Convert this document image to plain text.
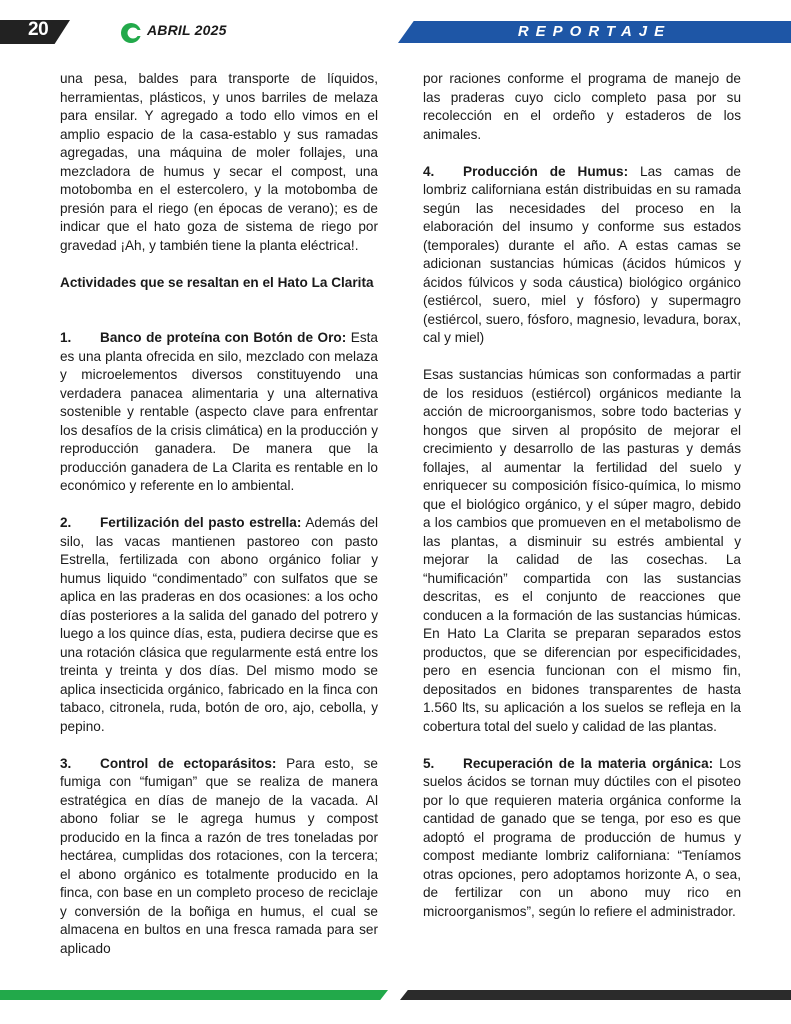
20	ABRIL 2025	REPORTAJE

una pesa, baldes para transporte de líquidos, herramientas, plásticos, y unos barriles de melaza para ensilar. Y agregado a todo ello vimos en el amplio espacio de la casa-establo y sus ramadas agregadas, una máquina de moler follajes, una mezcladora de humus y secar el compost, una motobomba en el estercolero, y la motobomba de presión para el riego (en épocas de verano); es de indicar que el hato goza de sistema de riego por gravedad ¡Ah, y también tiene la planta eléctrica!.

Actividades que se resaltan en el Hato La Clarita

1. Banco de proteína con Botón de Oro: Esta es una planta ofrecida en silo, mezclado con melaza y microelementos diversos constituyendo una verdadera panacea alimentaria y una alternativa sostenible y rentable (aspecto clave para enfrentar los desafíos de la crisis climática) en la producción y reproducción ganadera. De manera que la producción ganadera de La Clarita es rentable en lo económico y referente en lo ambiental.

2. Fertilización del pasto estrella: Además del silo, las vacas mantienen pastoreo con pasto Estrella, fertilizada con abono orgánico foliar y humus liquido “condimentado” con sulfatos que se aplica en las praderas en dos ocasiones: a los ocho días posteriores a la salida del ganado del potrero y luego a los quince días, esta, pudiera decirse que es una rotación clásica que regularmente está entre los treinta y treinta y dos días. Del mismo modo se aplica insecticida orgánico, fabricado en la finca con tabaco, citronela, ruda, botón de oro, ajo, cebolla, y pepino.

3. Control de ectoparásitos: Para esto, se fumiga con “fumigan” que se realiza de manera estratégica en días de manejo de la vacada. Al abono foliar se le agrega humus y compost producido en la finca a razón de tres toneladas por hectárea, cumplidas dos rotaciones, con la tercera; el abono orgánico es totalmente producido en la finca, con base en un completo proceso de reciclaje y conversión de la boñiga en humus, el cual se almacena en bultos en una fresca ramada para ser aplicado

por raciones conforme el programa de manejo de las praderas cuyo ciclo completo pasa por su recolección en el ordeño y estaderos de los animales.

4. Producción de Humus: Las camas de lombriz californiana están distribuidas en su ramada según las necesidades del proceso en la elaboración del insumo y conforme sus estados (temporales) durante el año. A estas camas se adicionan sustancias húmicas (ácidos húmicos y ácidos fúlvicos y soda cáustica) biológico orgánico (estiércol, suero, miel y fósforo) y supermagro (estiércol, suero, fósforo, magnesio, levadura, borax, cal y miel)

Esas sustancias húmicas son conformadas a partir de los residuos (estiércol) orgánicos mediante la acción de microorganismos, sobre todo bacterias y hongos que sirven al propósito de mejorar el crecimiento y desarrollo de las pasturas y demás follajes, al aumentar la fertilidad del suelo y enriquecer su composición físico-química, lo mismo que el biológico orgánico, y el súper magro, debido a los cambios que promueven en el metabolismo de las plantas, a disminuir su estrés ambiental y mejorar la calidad de las cosechas. La “humificación” compartida con las sustancias descritas, es el conjunto de reacciones que conducen a la formación de las sustancias húmicas. En Hato La Clarita se preparan separados estos productos, que se diferencian por especificidades, pero en esencia funcionan con el mismo fin, depositados en bidones transparentes de hasta 1.560 lts, su aplicación a los suelos se refleja en la cobertura total del suelo y calidad de las plantas.

5. Recuperación de la materia orgánica: Los suelos ácidos se tornan muy dúctiles con el pisoteo por lo que requieren materia orgánica conforme la cantidad de ganado que se tenga, por eso es que adoptó el programa de producción de humus y compost mediante lombriz californiana: “Teníamos otras opciones, pero adoptamos horizonte A, o sea, de fertilizar con un abono muy rico en microorganismos”, según lo refiere el administrador.
